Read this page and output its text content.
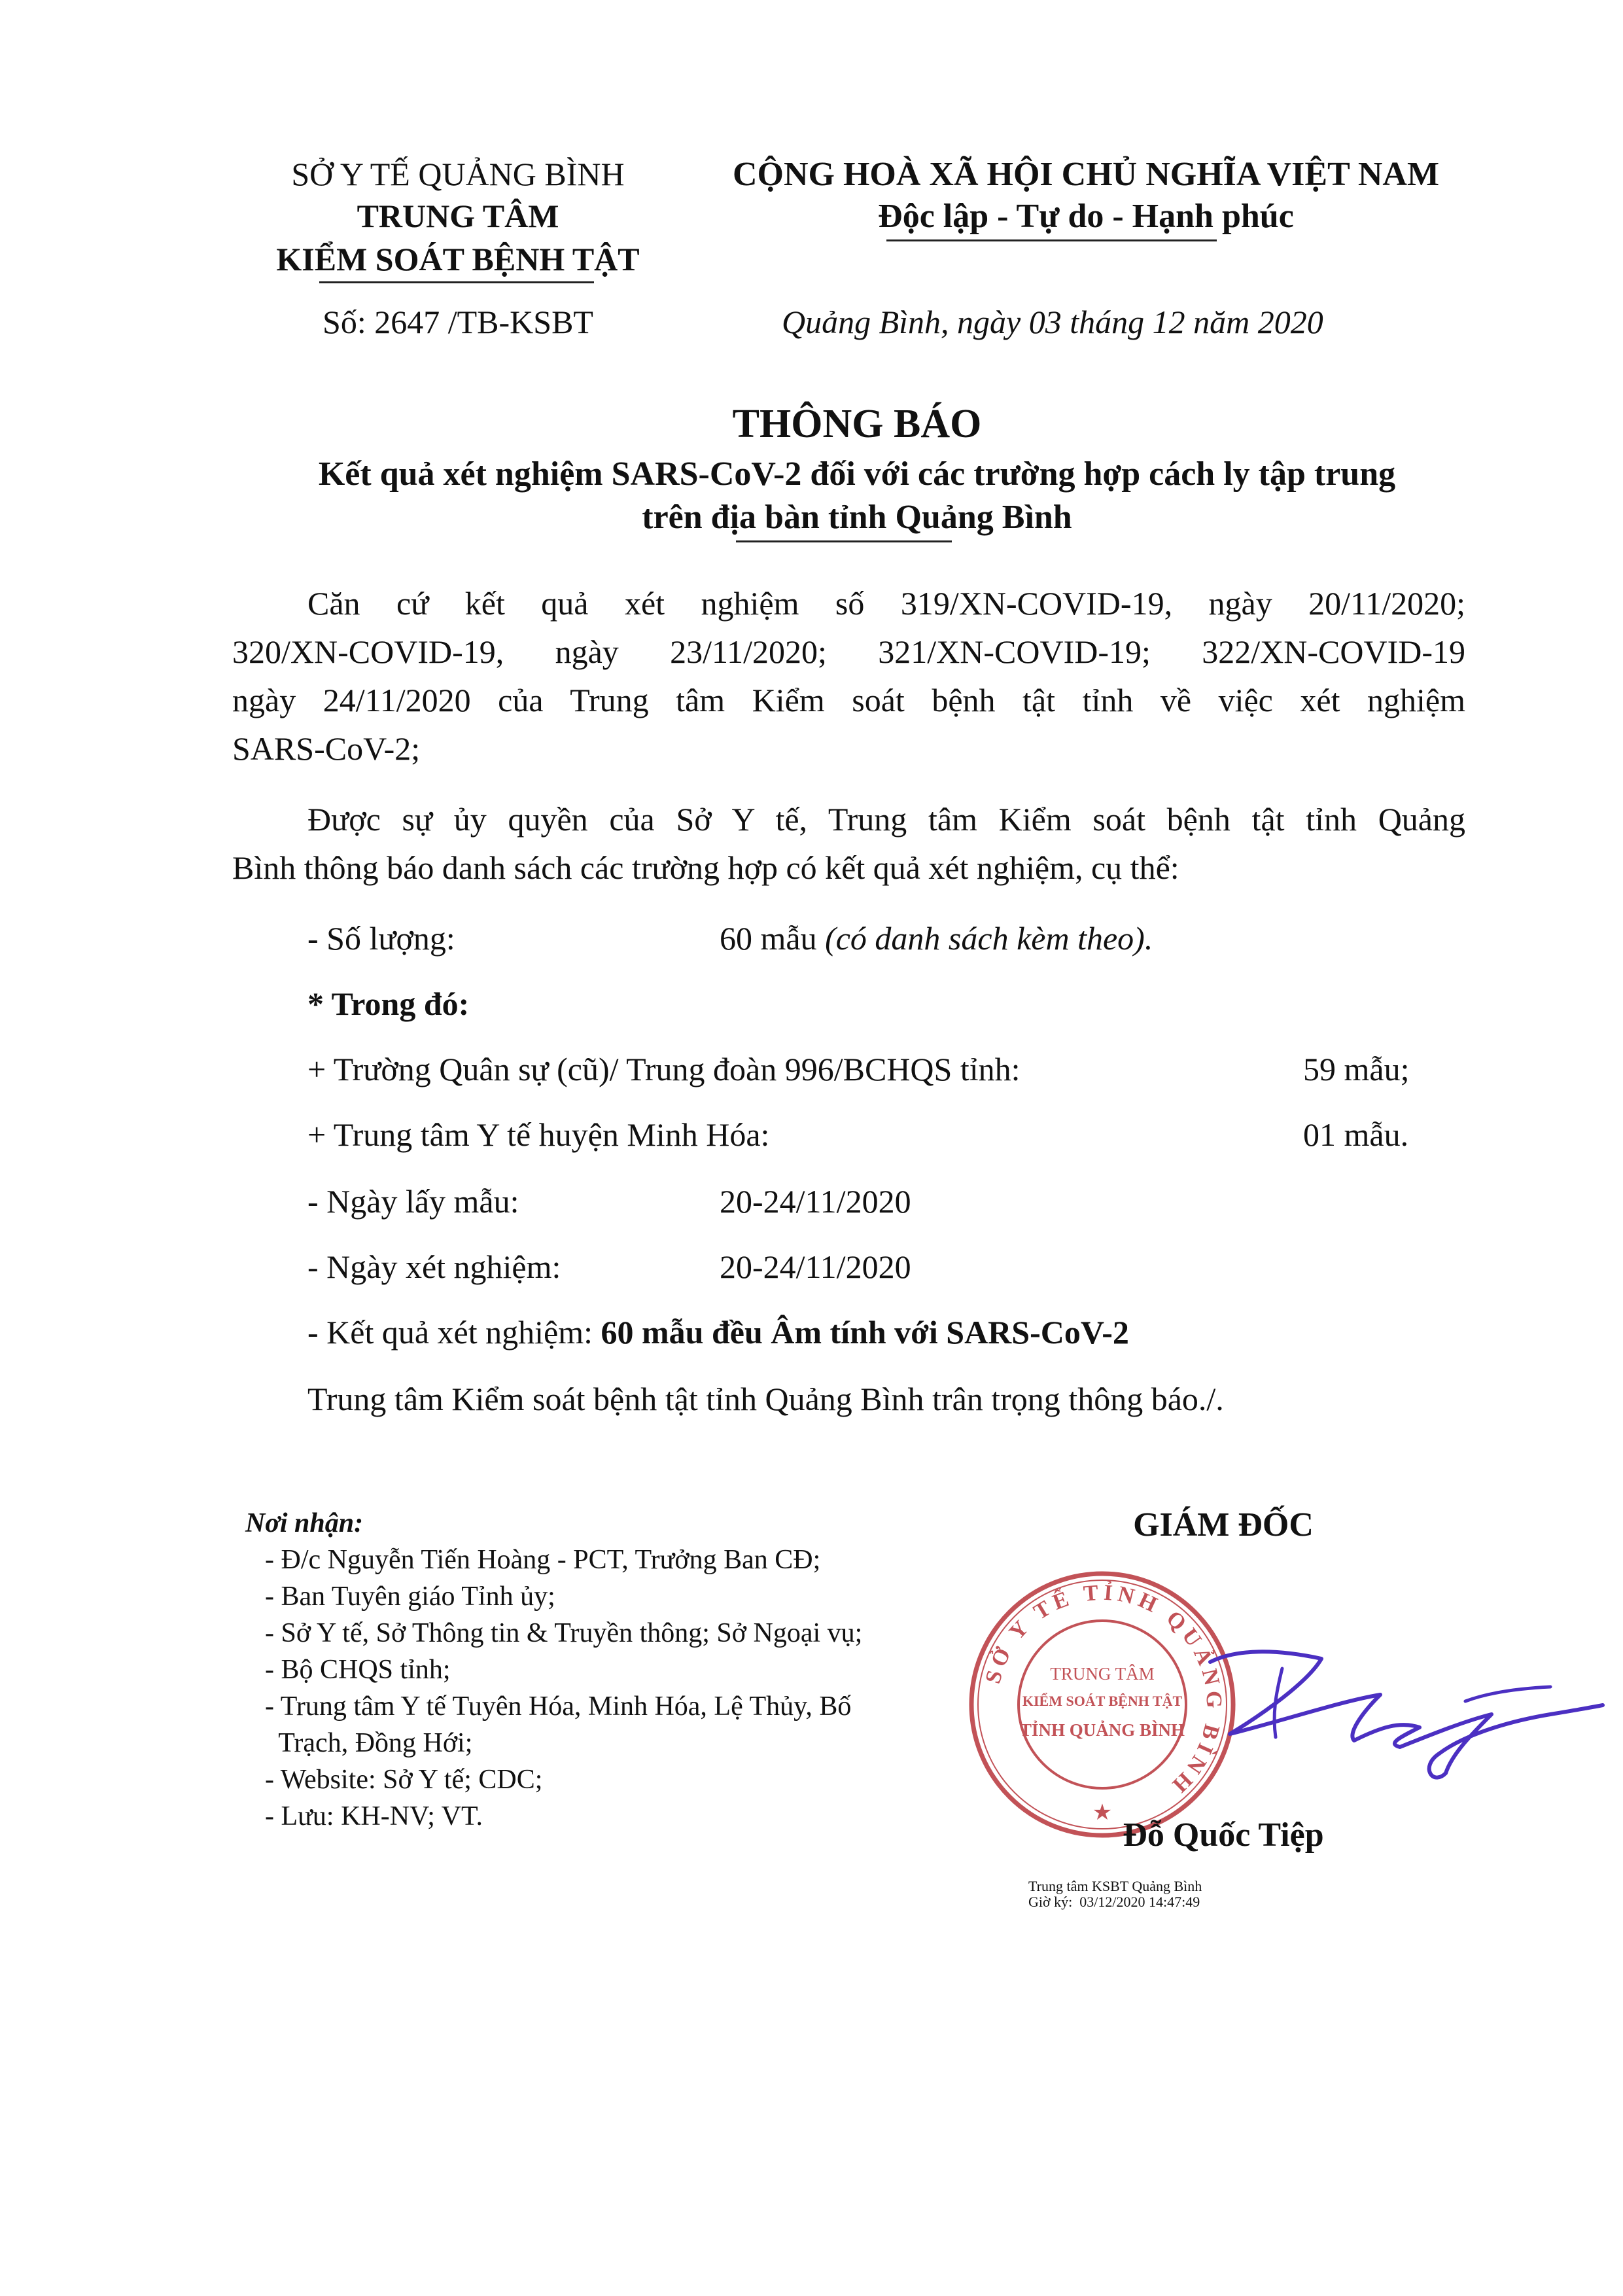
SỞ Y TẾ QUẢNG BÌNH
TRUNG TÂM
KIỂM SOÁT BỆNH TẬT
Số: 2647 /TB-KSBT
CỘNG HOÀ XÃ HỘI CHỦ NGHĨA VIỆT NAM
Độc lập - Tự do - Hạnh phúc
Quảng Bình, ngày 03 tháng 12 năm 2020
THÔNG BÁO
Kết quả xét nghiệm SARS-CoV-2 đối với các trường hợp cách ly tập trung
trên địa bàn tỉnh Quảng Bình
Căn cứ kết quả xét nghiệm số 319/XN-COVID-19, ngày 20/11/2020;
320/XN-COVID-19, ngày 23/11/2020; 321/XN-COVID-19; 322/XN-COVID-19
ngày 24/11/2020 của Trung tâm Kiểm soát bệnh tật tỉnh về việc xét nghiệm
SARS-CoV-2;
Được sự ủy quyền của Sở Y tế, Trung tâm Kiểm soát bệnh tật tỉnh Quảng
Bình thông báo danh sách các trường hợp có kết quả xét nghiệm, cụ thể:
- Số lượng:	60 mẫu (có danh sách kèm theo).
* Trong đó:
+ Trường Quân sự (cũ)/ Trung đoàn 996/BCHQS tỉnh:	59 mẫu;
+ Trung tâm Y tế huyện Minh Hóa:	01 mẫu.
- Ngày lấy mẫu:	20-24/11/2020
- Ngày xét nghiệm:	20-24/11/2020
- Kết quả xét nghiệm: 60 mẫu đều Âm tính với SARS-CoV-2
Trung tâm Kiểm soát bệnh tật tỉnh Quảng Bình trân trọng thông báo./.
Nơi nhận:
- Đ/c Nguyễn Tiến Hoàng - PCT, Trưởng Ban CĐ;
- Ban Tuyên giáo Tỉnh ủy;
- Sở Y tế, Sở Thông tin & Truyền thông; Sở Ngoại vụ;
- Bộ CHQS tỉnh;
- Trung tâm Y tế Tuyên Hóa, Minh Hóa, Lệ Thủy, Bố
Trạch, Đồng Hới;
- Website: Sở Y tế; CDC;
- Lưu: KH-NV; VT.
GIÁM ĐỐC
SỞ Y TẾ TỈNH QUẢNG BÌNH
TRUNG TÂM
KIỂM SOÁT BỆNH TẬT
TỈNH QUẢNG BÌNH
★
Đỗ Quốc Tiệp
Trung tâm KSBT Quảng Bình
Giờ ký:  03/12/2020 14:47:49
